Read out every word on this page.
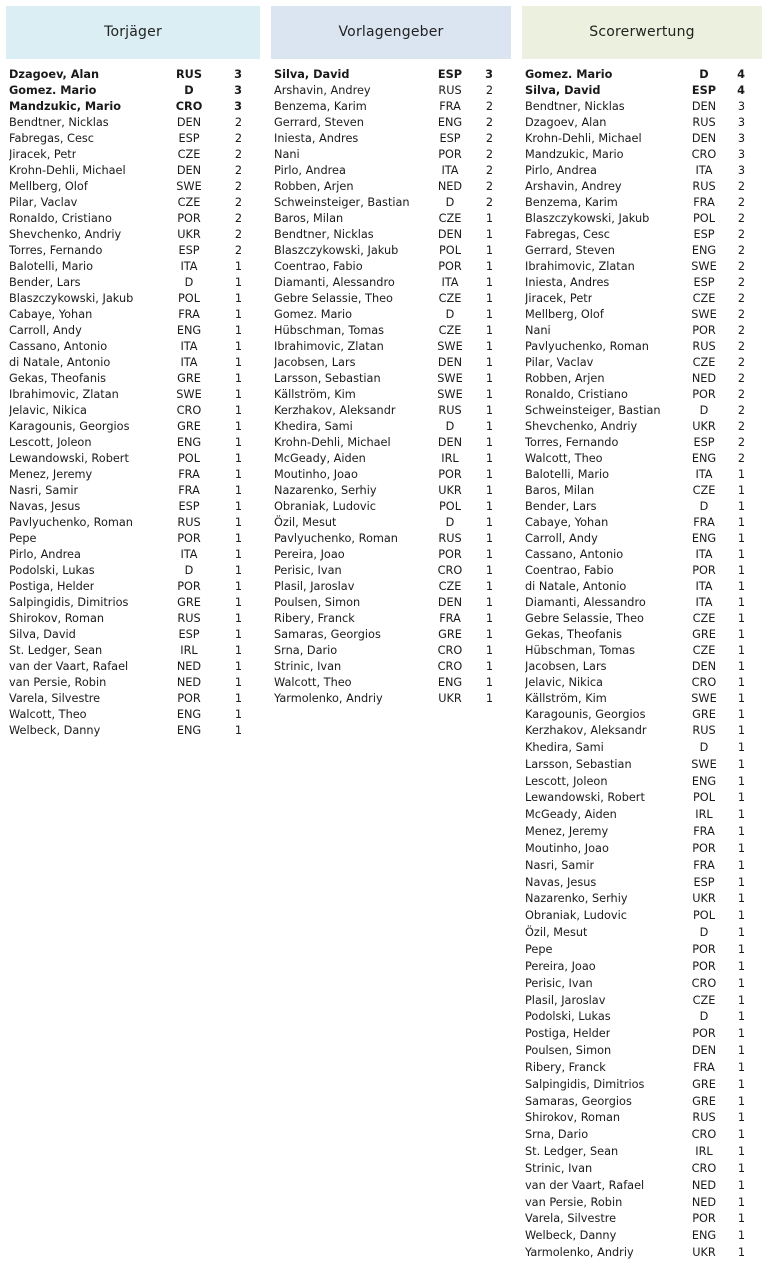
Torjäger
Dzagoev, Alan	RUS	3
Gomez. Mario	D	3
Mandzukic, Mario	CRO	3
Bendtner, Nicklas	DEN	2
Fabregas, Cesc	ESP	2
Jiracek, Petr	CZE	2
Krohn-Dehli, Michael	DEN	2
Mellberg, Olof	SWE	2
Pilar, Vaclav	CZE	2
Ronaldo, Cristiano	POR	2
Shevchenko, Andriy	UKR	2
Torres, Fernando	ESP	2
Balotelli, Mario	ITA	1
Bender, Lars	D	1
Blaszczykowski, Jakub	POL	1
Cabaye, Yohan	FRA	1
Carroll, Andy	ENG	1
Cassano, Antonio	ITA	1
di Natale, Antonio	ITA	1
Gekas, Theofanis	GRE	1
Ibrahimovic, Zlatan	SWE	1
Jelavic, Nikica	CRO	1
Karagounis, Georgios	GRE	1
Lescott, Joleon	ENG	1
Lewandowski, Robert	POL	1
Menez, Jeremy	FRA	1
Nasri, Samir	FRA	1
Navas, Jesus	ESP	1
Pavlyuchenko, Roman	RUS	1
Pepe	POR	1
Pirlo, Andrea	ITA	1
Podolski, Lukas	D	1
Postiga, Helder	POR	1
Salpingidis, Dimitrios	GRE	1
Shirokov, Roman	RUS	1
Silva, David	ESP	1
St. Ledger, Sean	IRL	1
van der Vaart, Rafael	NED	1
van Persie, Robin	NED	1
Varela, Silvestre	POR	1
Walcott, Theo	ENG	1
Welbeck, Danny	ENG	1
Vorlagengeber
Silva, David	ESP	3
Arshavin, Andrey	RUS	2
Benzema, Karim	FRA	2
Gerrard, Steven	ENG	2
Iniesta, Andres	ESP	2
Nani	POR	2
Pirlo, Andrea	ITA	2
Robben, Arjen	NED	2
Schweinsteiger, Bastian	D	2
Baros, Milan	CZE	1
Bendtner, Nicklas	DEN	1
Blaszczykowski, Jakub	POL	1
Coentrao, Fabio	POR	1
Diamanti, Alessandro	ITA	1
Gebre Selassie, Theo	CZE	1
Gomez. Mario	D	1
Hübschman, Tomas	CZE	1
Ibrahimovic, Zlatan	SWE	1
Jacobsen, Lars	DEN	1
Larsson, Sebastian	SWE	1
Källström, Kim	SWE	1
Kerzhakov, Aleksandr	RUS	1
Khedira, Sami	D	1
Krohn-Dehli, Michael	DEN	1
McGeady, Aiden	IRL	1
Moutinho, Joao	POR	1
Nazarenko, Serhiy	UKR	1
Obraniak, Ludovic	POL	1
Özil, Mesut	D	1
Pavlyuchenko, Roman	RUS	1
Pereira, Joao	POR	1
Perisic, Ivan	CRO	1
Plasil, Jaroslav	CZE	1
Poulsen, Simon	DEN	1
Ribery, Franck	FRA	1
Samaras, Georgios	GRE	1
Srna, Dario	CRO	1
Strinic, Ivan	CRO	1
Walcott, Theo	ENG	1
Yarmolenko, Andriy	UKR	1
Scorerwertung
Gomez. Mario	D	4
Silva, David	ESP	4
Bendtner, Nicklas	DEN	3
Dzagoev, Alan	RUS	3
Krohn-Dehli, Michael	DEN	3
Mandzukic, Mario	CRO	3
Pirlo, Andrea	ITA	3
Arshavin, Andrey	RUS	2
Benzema, Karim	FRA	2
Blaszczykowski, Jakub	POL	2
Fabregas, Cesc	ESP	2
Gerrard, Steven	ENG	2
Ibrahimovic, Zlatan	SWE	2
Iniesta, Andres	ESP	2
Jiracek, Petr	CZE	2
Mellberg, Olof	SWE	2
Nani	POR	2
Pavlyuchenko, Roman	RUS	2
Pilar, Vaclav	CZE	2
Robben, Arjen	NED	2
Ronaldo, Cristiano	POR	2
Schweinsteiger, Bastian	D	2
Shevchenko, Andriy	UKR	2
Torres, Fernando	ESP	2
Walcott, Theo	ENG	2
Balotelli, Mario	ITA	1
Baros, Milan	CZE	1
Bender, Lars	D	1
Cabaye, Yohan	FRA	1
Carroll, Andy	ENG	1
Cassano, Antonio	ITA	1
Coentrao, Fabio	POR	1
di Natale, Antonio	ITA	1
Diamanti, Alessandro	ITA	1
Gebre Selassie, Theo	CZE	1
Gekas, Theofanis	GRE	1
Hübschman, Tomas	CZE	1
Jacobsen, Lars	DEN	1
Jelavic, Nikica	CRO	1
Källström, Kim	SWE	1
Karagounis, Georgios	GRE	1
Kerzhakov, Aleksandr	RUS	1
Khedira, Sami	D	1
Larsson, Sebastian	SWE	1
Lescott, Joleon	ENG	1
Lewandowski, Robert	POL	1
McGeady, Aiden	IRL	1
Menez, Jeremy	FRA	1
Moutinho, Joao	POR	1
Nasri, Samir	FRA	1
Navas, Jesus	ESP	1
Nazarenko, Serhiy	UKR	1
Obraniak, Ludovic	POL	1
Özil, Mesut	D	1
Pepe	POR	1
Pereira, Joao	POR	1
Perisic, Ivan	CRO	1
Plasil, Jaroslav	CZE	1
Podolski, Lukas	D	1
Postiga, Helder	POR	1
Poulsen, Simon	DEN	1
Ribery, Franck	FRA	1
Salpingidis, Dimitrios	GRE	1
Samaras, Georgios	GRE	1
Shirokov, Roman	RUS	1
Srna, Dario	CRO	1
St. Ledger, Sean	IRL	1
Strinic, Ivan	CRO	1
van der Vaart, Rafael	NED	1
van Persie, Robin	NED	1
Varela, Silvestre	POR	1
Welbeck, Danny	ENG	1
Yarmolenko, Andriy	UKR	1
